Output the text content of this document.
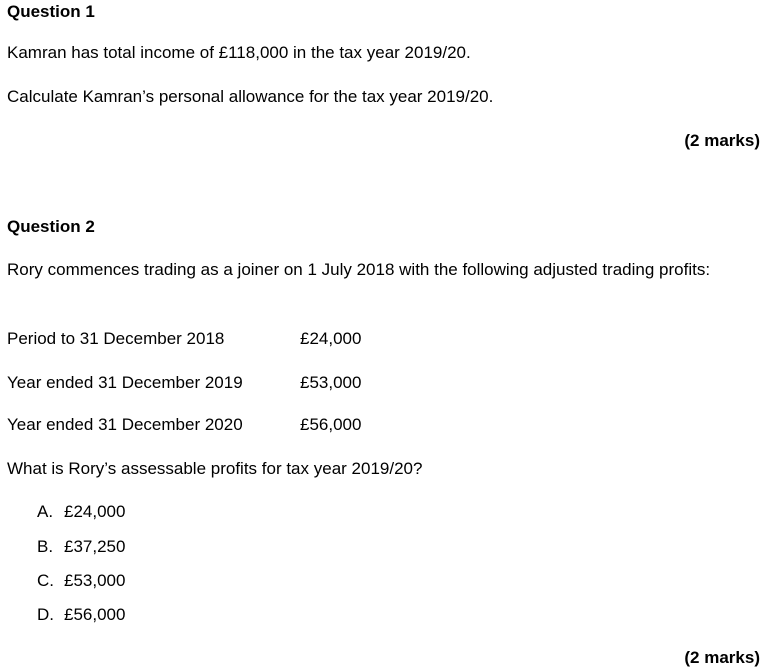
Question 1
Kamran has total income of £118,000 in the tax year 2019/20.
Calculate Kamran’s personal allowance for the tax year 2019/20.
(2 marks)
Question 2
Rory commences trading as a joiner on 1 July 2018 with the following adjusted trading profits:
Period to 31 December 2018	£24,000
Year ended 31 December 2019	£53,000
Year ended 31 December 2020	£56,000
What is Rory’s assessable profits for tax year 2019/20?
A. £24,000
B. £37,250
C. £53,000
D. £56,000
(2 marks)
